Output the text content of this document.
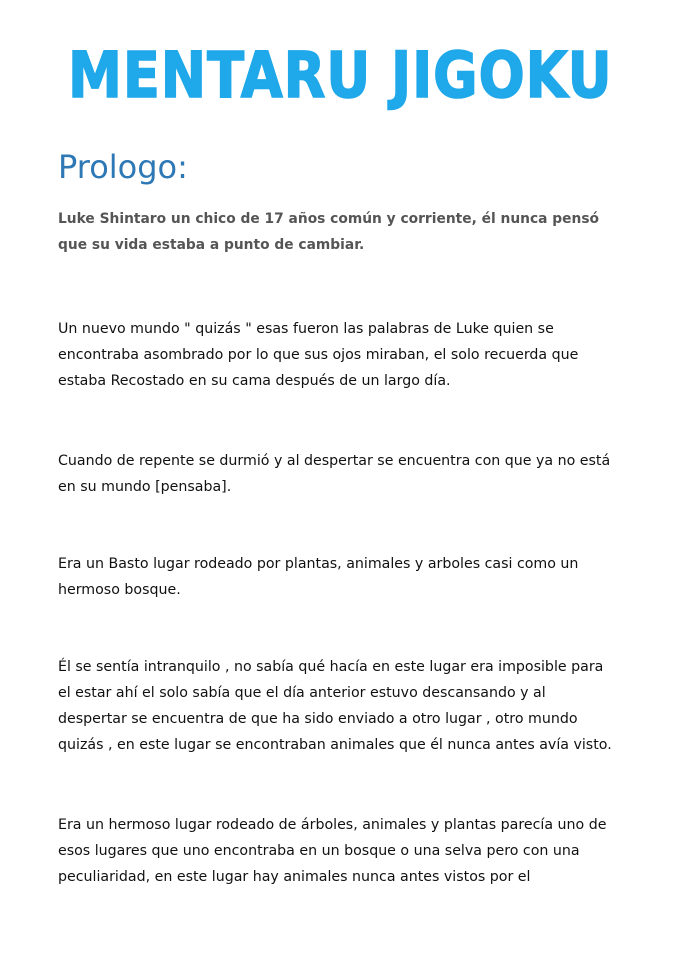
MENTARU JIGOKU
Prologo:
Luke Shintaro un chico de 17 años común y corriente, él nunca pensó
que su vida estaba a punto de cambiar.
Un nuevo mundo " quizás " esas fueron las palabras de Luke quien se
encontraba asombrado por lo que sus ojos miraban, el solo recuerda que
estaba Recostado en su cama después de un largo día.
Cuando de repente se durmió y al despertar se encuentra con que ya no está
en su mundo [pensaba].
Era un Basto lugar rodeado por plantas, animales y arboles casi como un
hermoso bosque.
Él se sentía intranquilo , no sabía qué hacía en este lugar era imposible para
el estar ahí el solo sabía que el día anterior estuvo descansando y al
despertar se encuentra de que ha sido enviado a otro lugar , otro mundo
quizás , en este lugar se encontraban animales que él nunca antes avía visto.
Era un hermoso lugar rodeado de árboles, animales y plantas parecía uno de
esos lugares que uno encontraba en un bosque o una selva pero con una
peculiaridad, en este lugar hay animales nunca antes vistos por el
